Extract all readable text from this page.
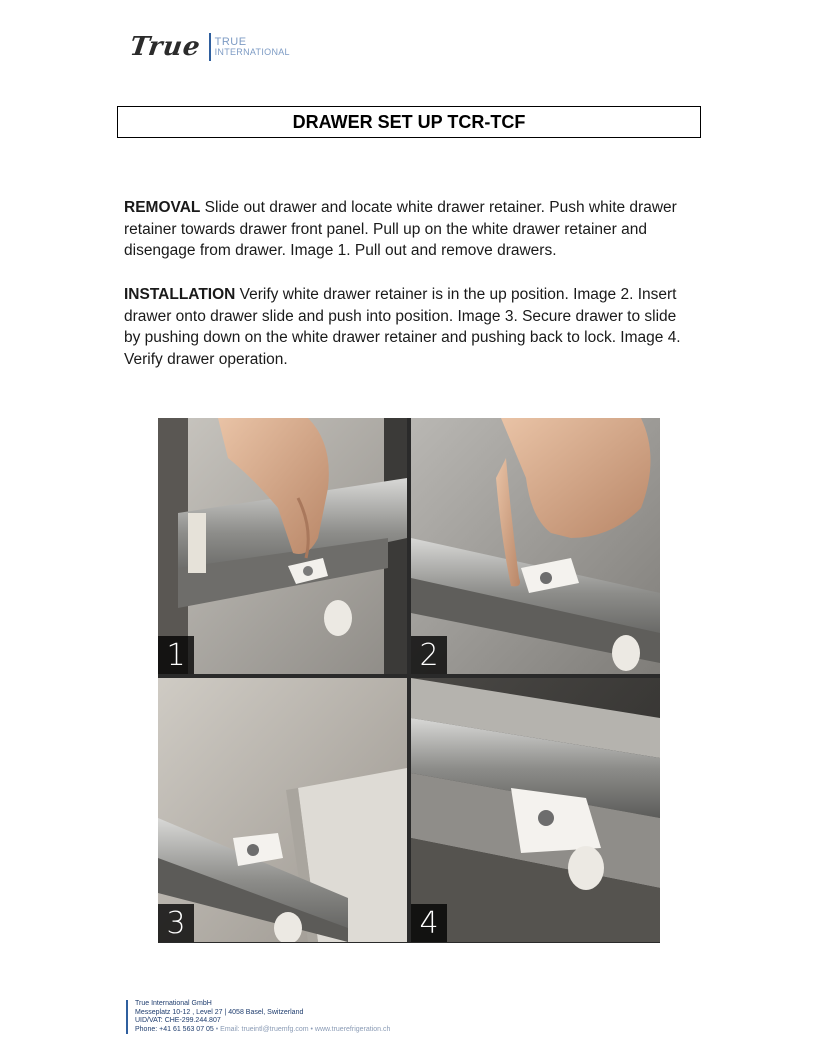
True TRUE
INTERNATIONAL
DRAWER SET UP TCR-TCF

REMOVAL Slide out drawer and locate white drawer retainer. Push white drawer retainer towards drawer front panel. Pull up on the white drawer retainer and disengage from drawer. Image 1. Pull out and remove drawers.

INSTALLATION Verify white drawer retainer is in the up position. Image 2. Insert drawer onto drawer slide and push into position. Image 3. Secure drawer to slide by pushing down on the white drawer retainer and pushing back to lock. Image 4. Verify drawer operation.

1	2
3	4
True International GmbH
Messeplatz 10-12 , Level 27 | 4058 Basel, Switzerland
UID/VAT: CHE-299.244.807
Phone: +41 61 563 07 05 • Email: trueintl@truemfg.com • www.truerefrigeration.ch
